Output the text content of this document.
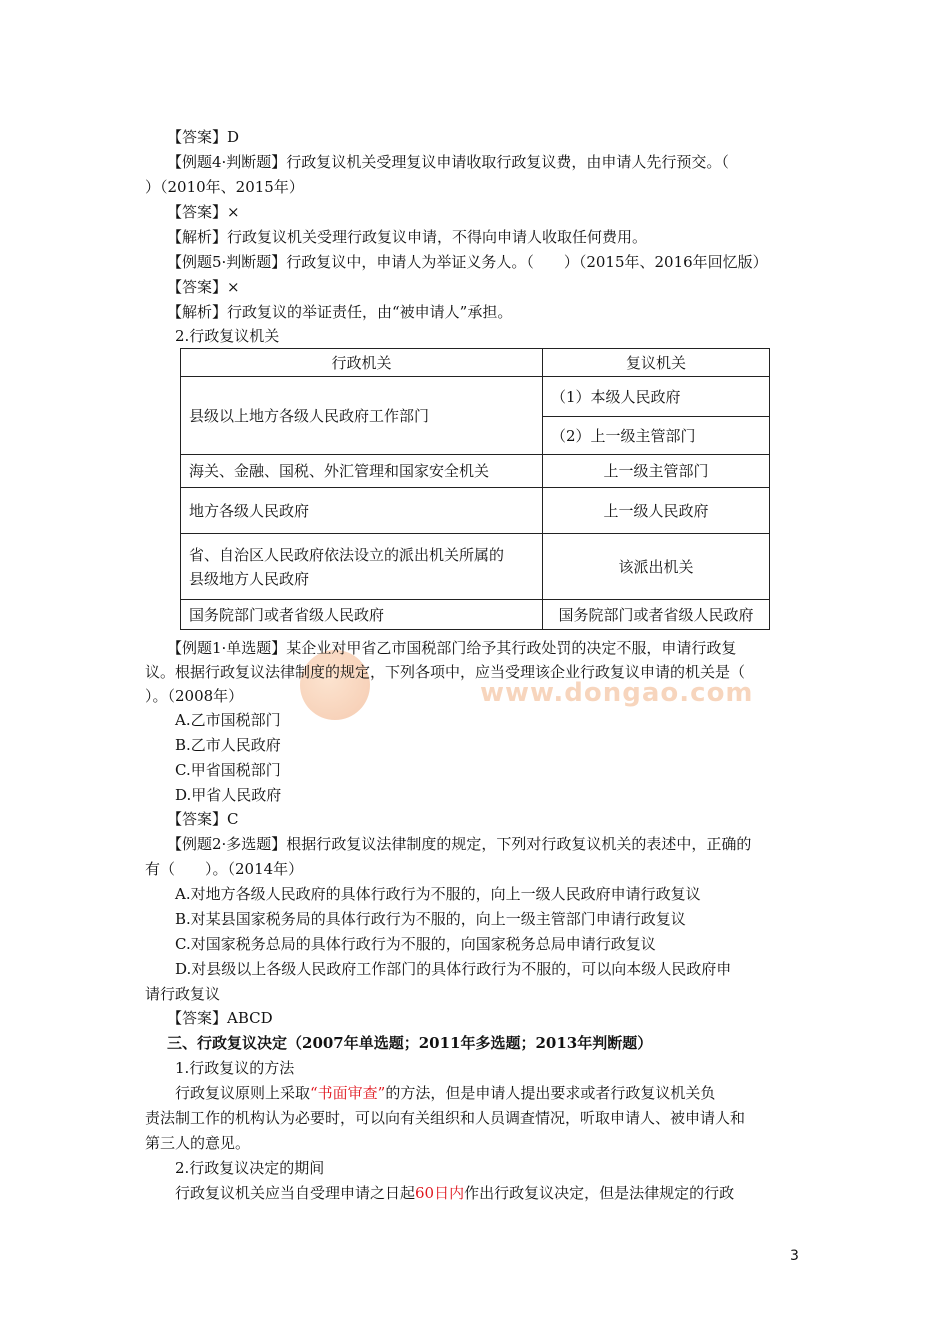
【答案】D
【例题4·判断题】行政复议机关受理复议申请收取行政复议费，由申请人先行预交。（
）（2010年、2015年）
【答案】×
【解析】行政复议机关受理行政复议申请，不得向申请人收取任何费用。
【例题5·判断题】行政复议中，申请人为举证义务人。（　　）（2015年、2016年回忆版）
【答案】×
【解析】行政复议的举证责任，由“被申请人”承担。
2.行政复议机关
行政机关	复议机关
县级以上地方各级人民政府工作部门	（1）本级人民政府
	（2）上一级主管部门
海关、金融、国税、外汇管理和国家安全机关	上一级主管部门
地方各级人民政府	上一级人民政府

省、自治区人民政府依法设立的派出机关所属的
县级地方人民政府	该派出机关
国务院部门或者省级人民政府	国务院部门或者省级人民政府
www.dongao.com
【例题1·单选题】某企业对甲省乙市国税部门给予其行政处罚的决定不服，申请行政复
议。根据行政复议法律制度的规定，下列各项中，应当受理该企业行政复议申请的机关是（
）。（2008年）
A.乙市国税部门
B.乙市人民政府
C.甲省国税部门
D.甲省人民政府
【答案】C
【例题2·多选题】根据行政复议法律制度的规定，下列对行政复议机关的表述中，正确的
有（　　）。（2014年）
A.对地方各级人民政府的具体行政行为不服的，向上一级人民政府申请行政复议
B.对某县国家税务局的具体行政行为不服的，向上一级主管部门申请行政复议
C.对国家税务总局的具体行政行为不服的，向国家税务总局申请行政复议
D.对县级以上各级人民政府工作部门的具体行政行为不服的，可以向本级人民政府申
请行政复议
【答案】ABCD
三、行政复议决定（2007年单选题；2011年多选题；2013年判断题）
1.行政复议的方法
行政复议原则上采取“书面审查”的方法，但是申请人提出要求或者行政复议机关负
责法制工作的机构认为必要时，可以向有关组织和人员调查情况，听取申请人、被申请人和
第三人的意见。
2.行政复议决定的期间
行政复议机关应当自受理申请之日起60日内作出行政复议决定，但是法律规定的行政
3
